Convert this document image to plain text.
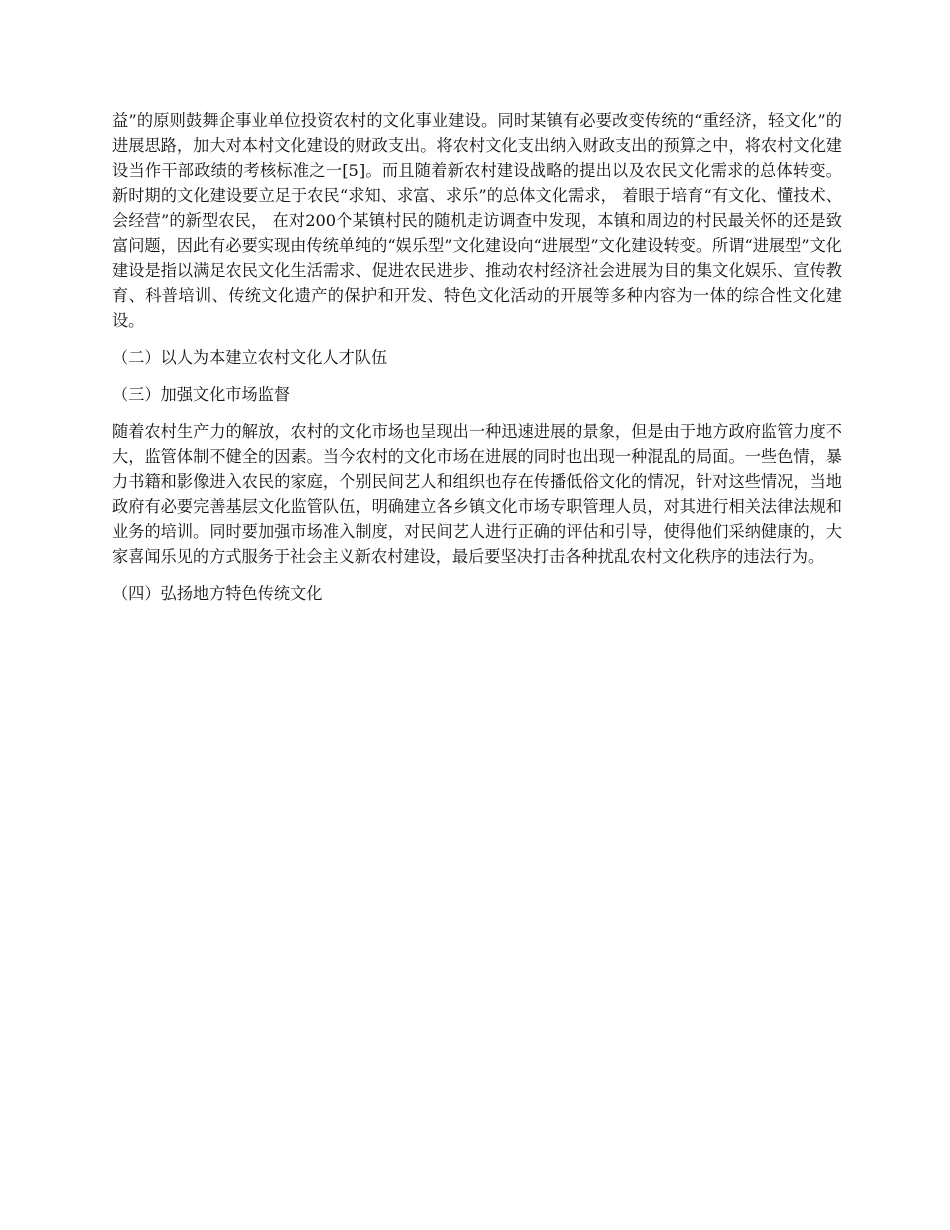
益”的原则鼓舞企事业单位投资农村的文化事业建设。同时某镇有必要改变传统的“重经济，轻文化”的进展思路，加大对本村文化建设的财政支出。将农村文化支出纳入财政支出的预算之中，将农村文化建设当作干部政绩的考核标准之一[5]。而且随着新农村建设战略的提出以及农民文化需求的总体转变。新时期的文化建设要立足于农民“求知、求富、求乐”的总体文化需求， 着眼于培育“有文化、懂技术、会经营”的新型农民， 在对200个某镇村民的随机走访调查中发现，本镇和周边的村民最关怀的还是致富问题，因此有必要实现由传统单纯的“娱乐型”文化建设向“进展型”文化建设转变。所谓“进展型”文化建设是指以满足农民文化生活需求、促进农民进步、推动农村经济社会进展为目的集文化娱乐、宣传教育、科普培训、传统文化遗产的保护和开发、特色文化活动的开展等多种内容为一体的综合性文化建设。

（二）以人为本建立农村文化人才队伍

（三）加强文化市场监督

随着农村生产力的解放，农村的文化市场也呈现出一种迅速进展的景象，但是由于地方政府监管力度不大，监管体制不健全的因素。当今农村的文化市场在进展的同时也出现一种混乱的局面。一些色情，暴力书籍和影像进入农民的家庭，个别民间艺人和组织也存在传播低俗文化的情况，针对这些情况，当地政府有必要完善基层文化监管队伍，明确建立各乡镇文化市场专职管理人员，对其进行相关法律法规和业务的培训。同时要加强市场准入制度，对民间艺人进行正确的评估和引导，使得他们采纳健康的，大家喜闻乐见的方式服务于社会主义新农村建设，最后要坚决打击各种扰乱农村文化秩序的违法行为。

（四）弘扬地方特色传统文化
